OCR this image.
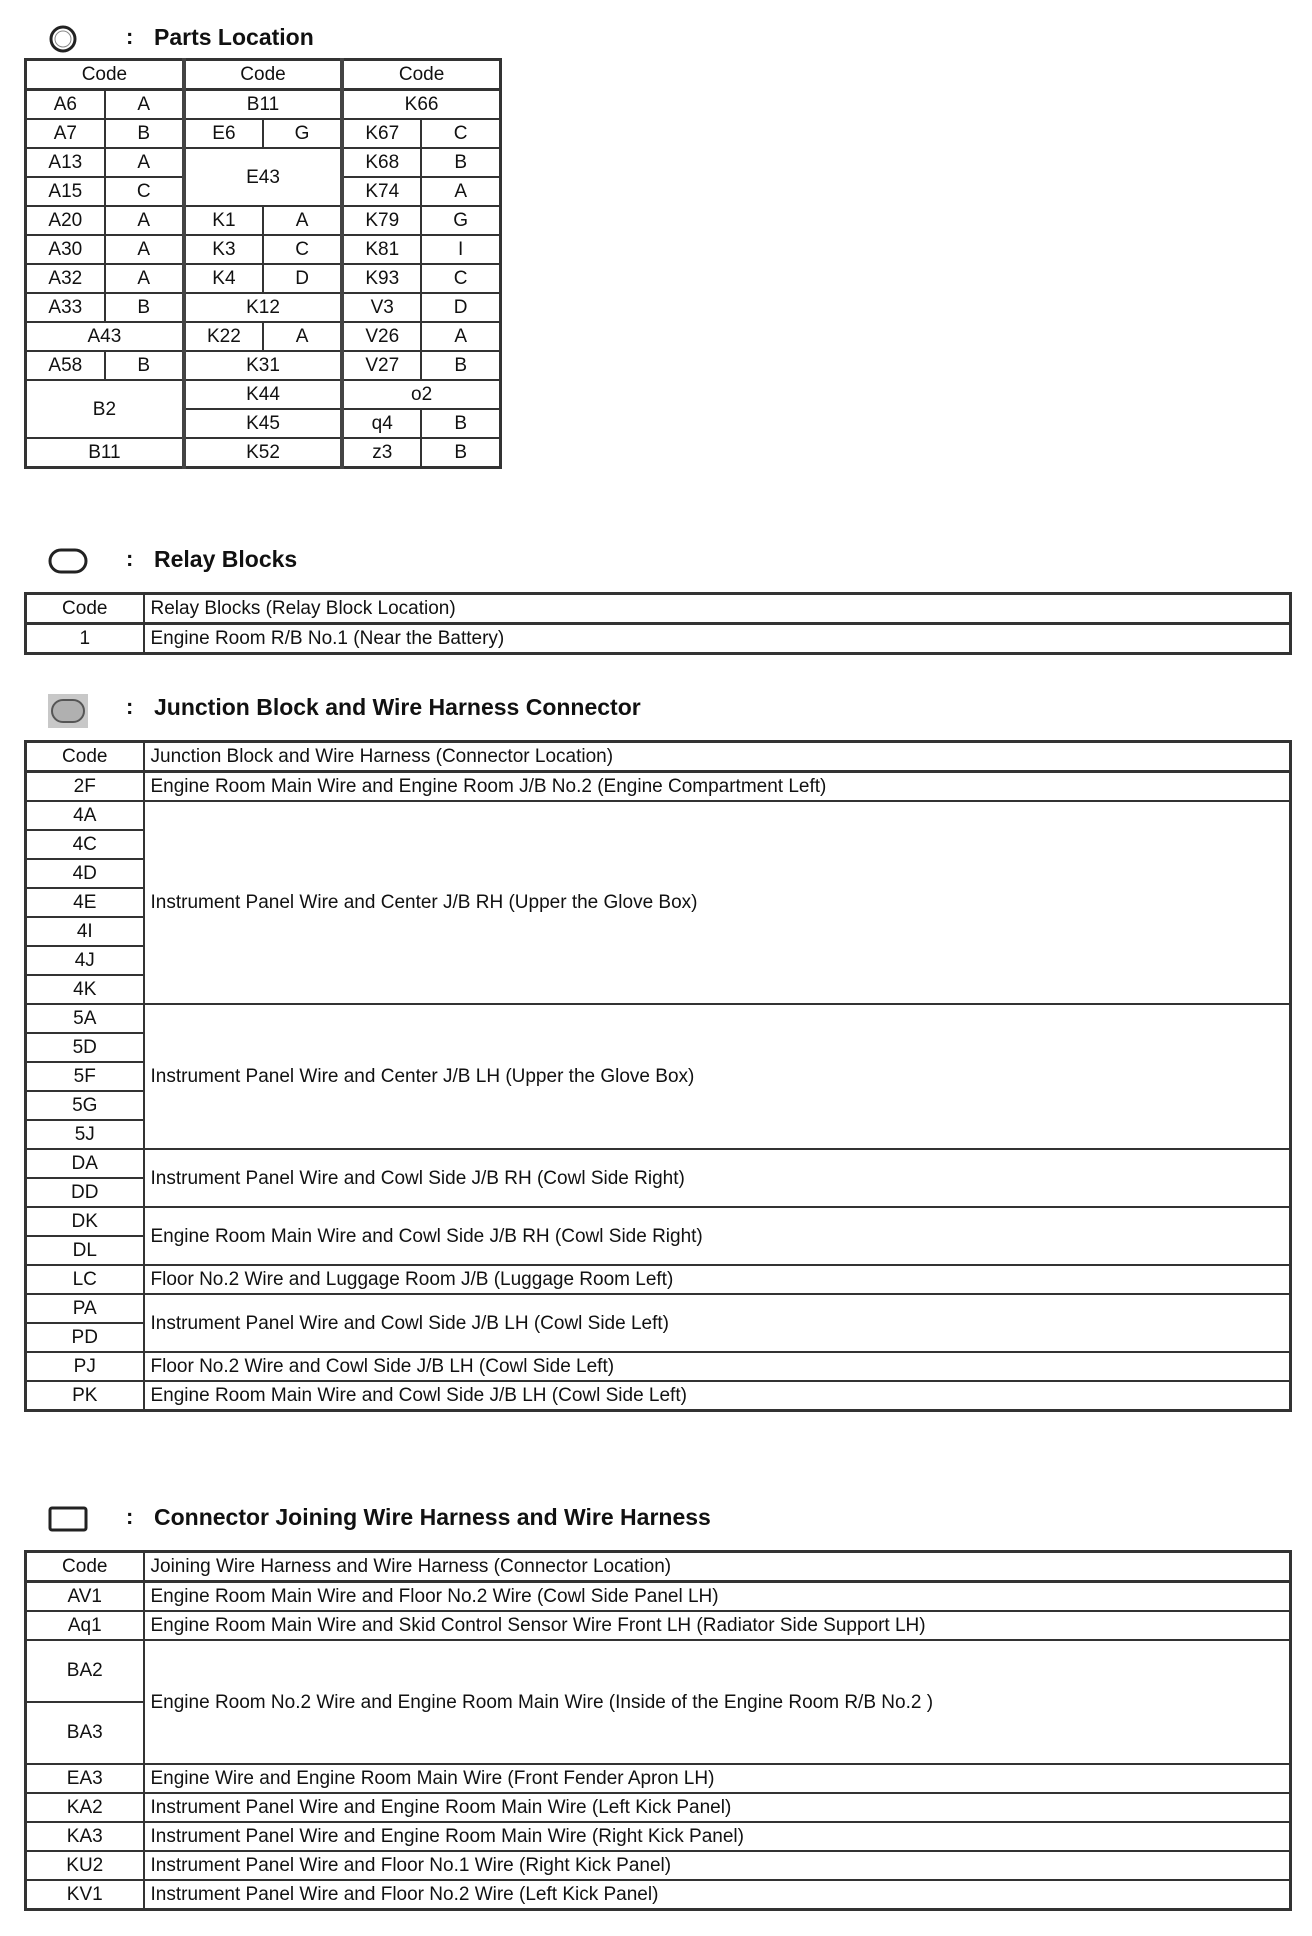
: Parts Location
Code		Code		Code	
A6	A	B11		K66	
A7	B	E6	G	K67	C
A13	A	E43		K68	B
A15	C			K74	A
A20	A	K1	A	K79	G
A30	A	K3	C	K81	I
A32	A	K4	D	K93	C
A33	B	K12		V3	D
A43		K22	A	V26	A
A58	B	K31		V27	B
B2		K44		o2	
		K45		q4	B
B11		K52		z3	B
: Relay Blocks
Code	Relay Blocks (Relay Block Location)
1	Engine Room R/B No.1 (Near the Battery)
: Junction Block and Wire Harness Connector
Code	Junction Block and Wire Harness (Connector Location)
2F	Engine Room Main Wire and Engine Room J/B No.2 (Engine Compartment Left)
4A	Instrument Panel Wire and Center J/B RH (Upper the Glove Box)
4C	
4D	
4E	
4I	
4J	
4K	
5A	Instrument Panel Wire and Center J/B LH (Upper the Glove Box)
5D	
5F	
5G	
5J	
DA	Instrument Panel Wire and Cowl Side J/B RH (Cowl Side Right)
DD	
DK	Engine Room Main Wire and Cowl Side J/B RH (Cowl Side Right)
DL	
LC	Floor No.2 Wire and Luggage Room J/B (Luggage Room Left)
PA	Instrument Panel Wire and Cowl Side J/B LH (Cowl Side Left)
PD	
PJ	Floor No.2 Wire and Cowl Side J/B LH (Cowl Side Left)
PK	Engine Room Main Wire and Cowl Side J/B LH (Cowl Side Left)
: Connector Joining Wire Harness and Wire Harness
Code	Joining Wire Harness and Wire Harness (Connector Location)
AV1	Engine Room Main Wire and Floor No.2 Wire (Cowl Side Panel LH)
Aq1	Engine Room Main Wire and Skid Control Sensor Wire Front LH (Radiator Side Support LH)
BA2	Engine Room No.2 Wire and Engine Room Main Wire (Inside of the Engine Room R/B No.2 )
BA3	
EA3	Engine Wire and Engine Room Main Wire (Front Fender Apron LH)
KA2	Instrument Panel Wire and Engine Room Main Wire (Left Kick Panel)
KA3	Instrument Panel Wire and Engine Room Main Wire (Right Kick Panel)
KU2	Instrument Panel Wire and Floor No.1 Wire (Right Kick Panel)
KV1	Instrument Panel Wire and Floor No.2 Wire (Left Kick Panel)
